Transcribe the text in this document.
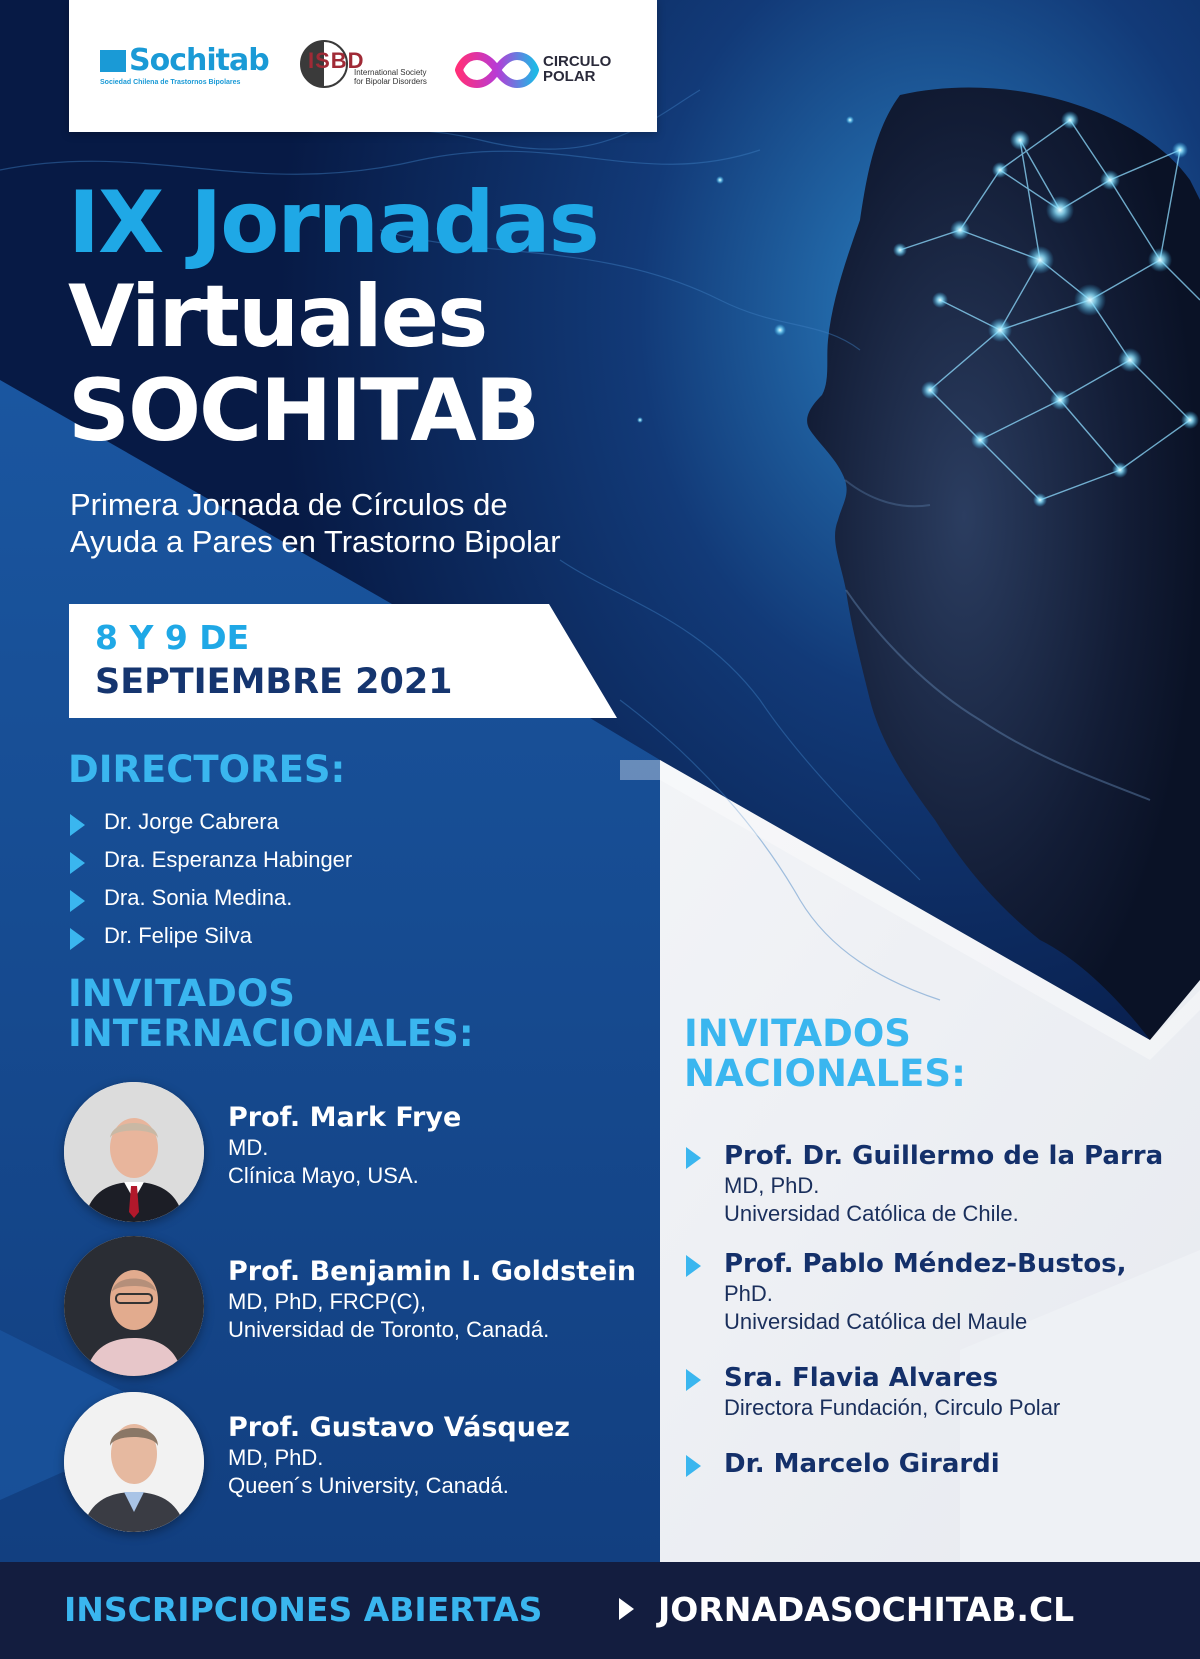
Sochitab
Sociedad Chilena de Trastornos Bipolares
ISBD
International Society
for Bipolar Disorders
CIRCULO
POLAR
IX Jornadas
Virtuales
SOCHITAB
Primera Jornada de Círculos de
Ayuda a Pares en Trastorno Bipolar
8 Y 9 DE
SEPTIEMBRE 2021
DIRECTORES:
Dr. Jorge Cabrera
Dra. Esperanza Habinger
Dra. Sonia Medina.
Dr. Felipe Silva
INVITADOS
INTERNACIONALES:
Prof. Mark Frye
MD.
Clínica Mayo, USA.
Prof. Benjamin I. Goldstein
MD, PhD, FRCP(C),
Universidad de Toronto, Canadá.
Prof. Gustavo Vásquez
MD, PhD.
Queen´s University, Canadá.
INVITADOS
NACIONALES:
Prof. Dr. Guillermo de la Parra
MD, PhD.
Universidad Católica de Chile.
Prof. Pablo Méndez-Bustos,
PhD.
Universidad Católica del Maule
Sra. Flavia Alvares
Directora Fundación, Circulo Polar
Dr. Marcelo Girardi
INSCRIPCIONES ABIERTAS	JORNADASOCHITAB.CL
